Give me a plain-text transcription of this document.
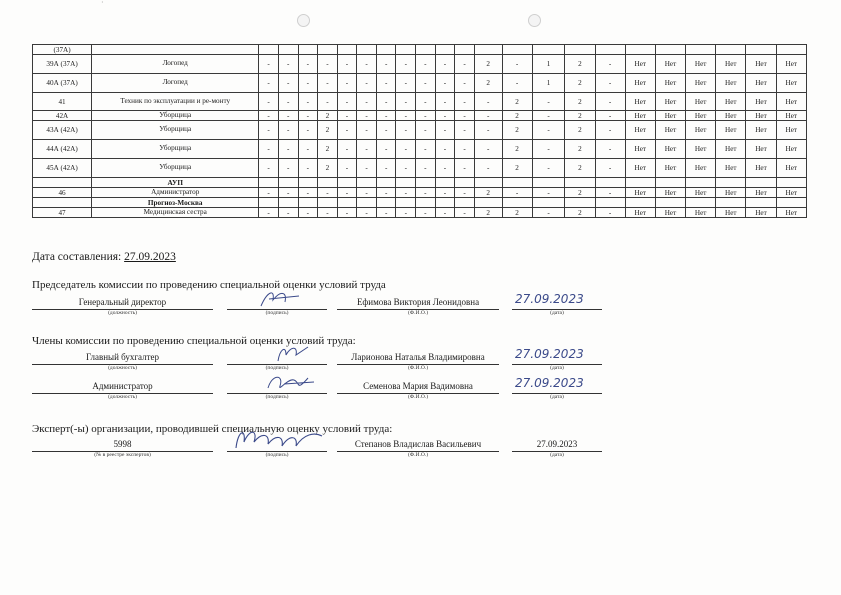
·
(37А)																							
39А (37А)	Логопед	-	-	-	-	-	-	-	-	-	-	-	2	-	1	2	-	Нет	Нет	Нет	Нет	Нет	Нет
40А (37А)	Логопед	-	-	-	-	-	-	-	-	-	-	-	2	-	1	2	-	Нет	Нет	Нет	Нет	Нет	Нет
41	Техник по эксплуатации и ре-монту	-	-	-	-	-	-	-	-	-	-	-	-	2	-	2	-	Нет	Нет	Нет	Нет	Нет	Нет
42А	Уборщица	-	-	-	2	-	-	-	-	-	-	-	-	2	-	2	-	Нет	Нет	Нет	Нет	Нет	Нет
43А (42А)	Уборщица	-	-	-	2	-	-	-	-	-	-	-	-	2	-	2	-	Нет	Нет	Нет	Нет	Нет	Нет
44А (42А)	Уборщица	-	-	-	2	-	-	-	-	-	-	-	-	2	-	2	-	Нет	Нет	Нет	Нет	Нет	Нет
45А (42А)	Уборщица	-	-	-	2	-	-	-	-	-	-	-	-	2	-	2	-	Нет	Нет	Нет	Нет	Нет	Нет
	АУП																						
46	Администратор	-	-	-	-	-	-	-	-	-	-	-	2	-	-	2	-	Нет	Нет	Нет	Нет	Нет	Нет
	Прогноз-Москва																						
47	Медицинская сестра	-	-	-	-	-	-	-	-	-	-	-	2	2	-	2	-	Нет	Нет	Нет	Нет	Нет	Нет
Дата составления: 27.09.2023
Председатель комиссии по проведению специальной оценки условий труда
Генеральный директор
(должность)	(подпись)
Ефимова Виктория Леонидовна
(Ф.И.О.)
27.09.2023
(дата)
Члены комиссии по проведению специальной оценки условий труда:
Главный бухгалтер
(должность)	(подпись)
Ларионова Наталья Владимировна
(Ф.И.О.)
27.09.2023
(дата)
Администратор
(должность)	(подпись)
Семенова Мария Вадимовна
(Ф.И.О.)
27.09.2023
(дата)
Эксперт(-ы) организации, проводившей специальную оценку условий труда:
5998
(№ в реестре экспертов)	(подпись)
Степанов Владислав Васильевич
(Ф.И.О.)
27.09.2023
(дата)
